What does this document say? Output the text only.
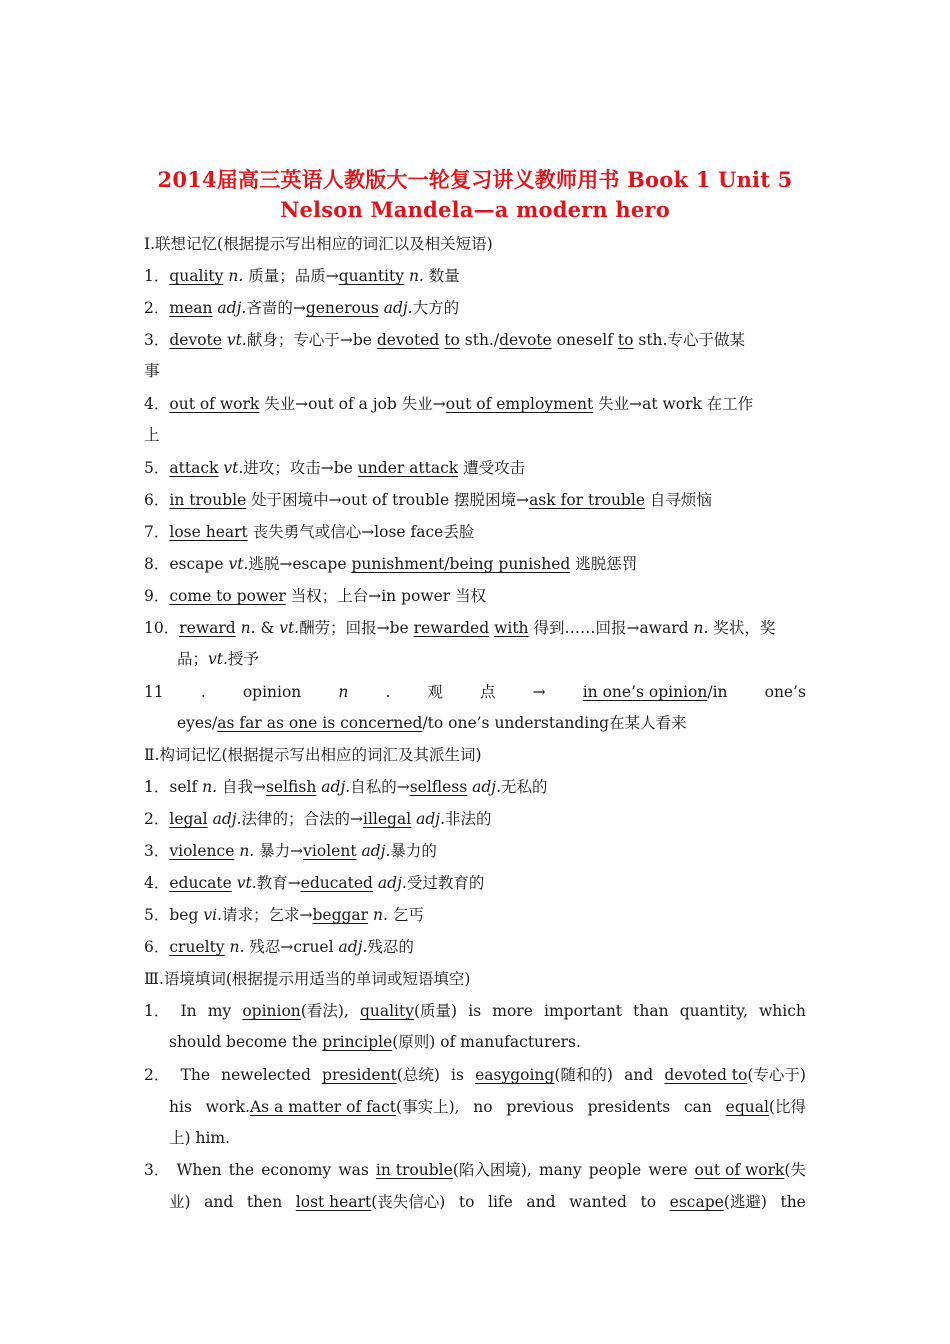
2014届高三英语人教版大一轮复习讲义教师用书 Book 1 Unit 5
Nelson Mandela—a modern hero
Ⅰ.联想记忆(根据提示写出相应的词汇以及相关短语)
1．quality n. 质量；品质→quantity n. 数量
2．mean adj.吝啬的→generous adj.大方的
3．devote vt.献身；专心于→be devoted to sth./devote oneself to sth.专心于做某
事
4．out of work 失业→out of a job 失业→out of employment 失业→at work 在工作
上
5．attack vt.进攻；攻击→be under attack 遭受攻击
6．in trouble 处于困境中→out of trouble 摆脱困境→ask for trouble 自寻烦恼
7．lose heart 丧失勇气或信心→lose face丢脸
8．escape vt.逃脱→escape punishment/being punished 逃脱惩罚
9．come to power 当权；上台→in power 当权
10．reward n. & vt.酬劳；回报→be rewarded with 得到……回报→award n. 奖状，奖
品；vt.授予
11 . opinion n . 观 点 → in one’s opinion/in one’s
eyes/as far as one is concerned/to one’s understanding在某人看来
Ⅱ.构词记忆(根据提示写出相应的词汇及其派生词)
1．self n. 自我→selfish adj.自私的→selfless adj.无私的
2．legal adj.法律的；合法的→illegal adj.非法的
3．violence n. 暴力→violent adj.暴力的
4．educate vt.教育→educated adj.受过教育的
5．beg vi.请求；乞求→beggar n. 乞丐
6．cruelty n. 残忍→cruel adj.残忍的
Ⅲ.语境填词(根据提示用适当的单词或短语填空)
1． In my opinion(看法), quality(质量) is more important than quantity, which
should become the principle(原则) of manufacturers.
2． The newelected president(总统) is easygoing(随和的) and devoted to(专心于)
his work.As a matter of fact(事实上), no previous presidents can equal(比得
上) him.
3． When the economy was in trouble(陷入困境), many people were out of work(失
业) and then lost heart(丧失信心) to life and wanted to escape(逃避) the
